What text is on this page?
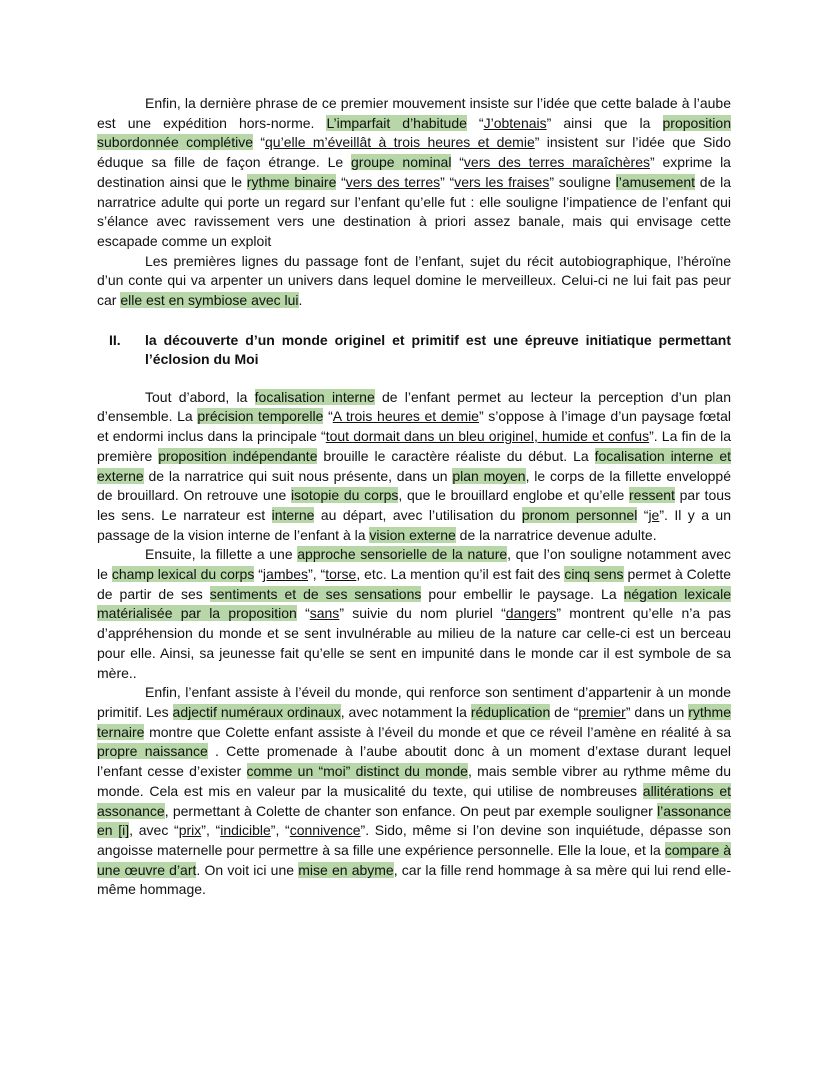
Enfin, la dernière phrase de ce premier mouvement insiste sur l’idée que cette balade à l’aube est une expédition hors-norme. L’imparfait d’habitude “J’obtenais” ainsi que la proposition subordonnée complétive “qu’elle m’éveillât à trois heures et demie” insistent sur l’idée que Sido éduque sa fille de façon étrange. Le groupe nominal “vers des terres maraîchères” exprime la destination ainsi que le rythme binaire “vers des terres” “vers les fraises” souligne l’amusement de la narratrice adulte qui porte un regard sur l’enfant qu’elle fut : elle souligne l’impatience de l’enfant qui s’élance avec ravissement vers une destination à priori assez banale, mais qui envisage cette escapade comme un exploit

Les premières lignes du passage font de l’enfant, sujet du récit autobiographique, l’héroïne d’un conte qui va arpenter un univers dans lequel domine le merveilleux. Celui-ci ne lui fait pas peur car elle est en symbiose avec lui.

II.	la découverte d’un monde originel et primitif est une épreuve initiatique permettant l’éclosion du Moi

Tout d’abord, la focalisation interne de l’enfant permet au lecteur la perception d’un plan d’ensemble. La précision temporelle “A trois heures et demie” s’oppose à l’image d’un paysage fœtal et endormi inclus dans la principale “tout dormait dans un bleu originel, humide et confus”. La fin de la première proposition indépendante brouille le caractère réaliste du début. La focalisation interne et externe de la narratrice qui suit nous présente, dans un plan moyen, le corps de la fillette enveloppé de brouillard. On retrouve une isotopie du corps, que le brouillard englobe et qu’elle ressent par tous les sens. Le narrateur est interne au départ, avec l’utilisation du pronom personnel “je”. Il y a un passage de la vision interne de l’enfant à la vision externe de la narratrice devenue adulte.

Ensuite, la fillette a une approche sensorielle de la nature, que l’on souligne notamment avec le champ lexical du corps “jambes”, “torse, etc. La mention qu’il est fait des cinq sens permet à Colette de partir de ses sentiments et de ses sensations pour embellir le paysage. La négation lexicale matérialisée par la proposition “sans” suivie du nom pluriel “dangers” montrent qu’elle n’a pas d’appréhension du monde et se sent invulnérable au milieu de la nature car celle-ci est un berceau pour elle. Ainsi, sa jeunesse fait qu’elle se sent en impunité dans le monde car il est symbole de sa mère..

Enfin, l’enfant assiste à l’éveil du monde, qui renforce son sentiment d’appartenir à un monde primitif. Les adjectif numéraux ordinaux, avec notamment la réduplication de “premier” dans un rythme ternaire montre que Colette enfant assiste à l’éveil du monde et que ce réveil l’amène en réalité à sa propre naissance . Cette promenade à l’aube aboutit donc à un moment d’extase durant lequel l’enfant cesse d’exister comme un “moi” distinct du monde, mais semble vibrer au rythme même du monde. Cela est mis en valeur par la musicalité du texte, qui utilise de nombreuses allitérations et assonance, permettant à Colette de chanter son enfance. On peut par exemple souligner l’assonance en [i], avec “prix”, “indicible”, “connivence”. Sido, même si l’on devine son inquiétude, dépasse son angoisse maternelle pour permettre à sa fille une expérience personnelle. Elle la loue, et la compare à une œuvre d’art. On voit ici une mise en abyme, car la fille rend hommage à sa mère qui lui rend elle-même hommage.
